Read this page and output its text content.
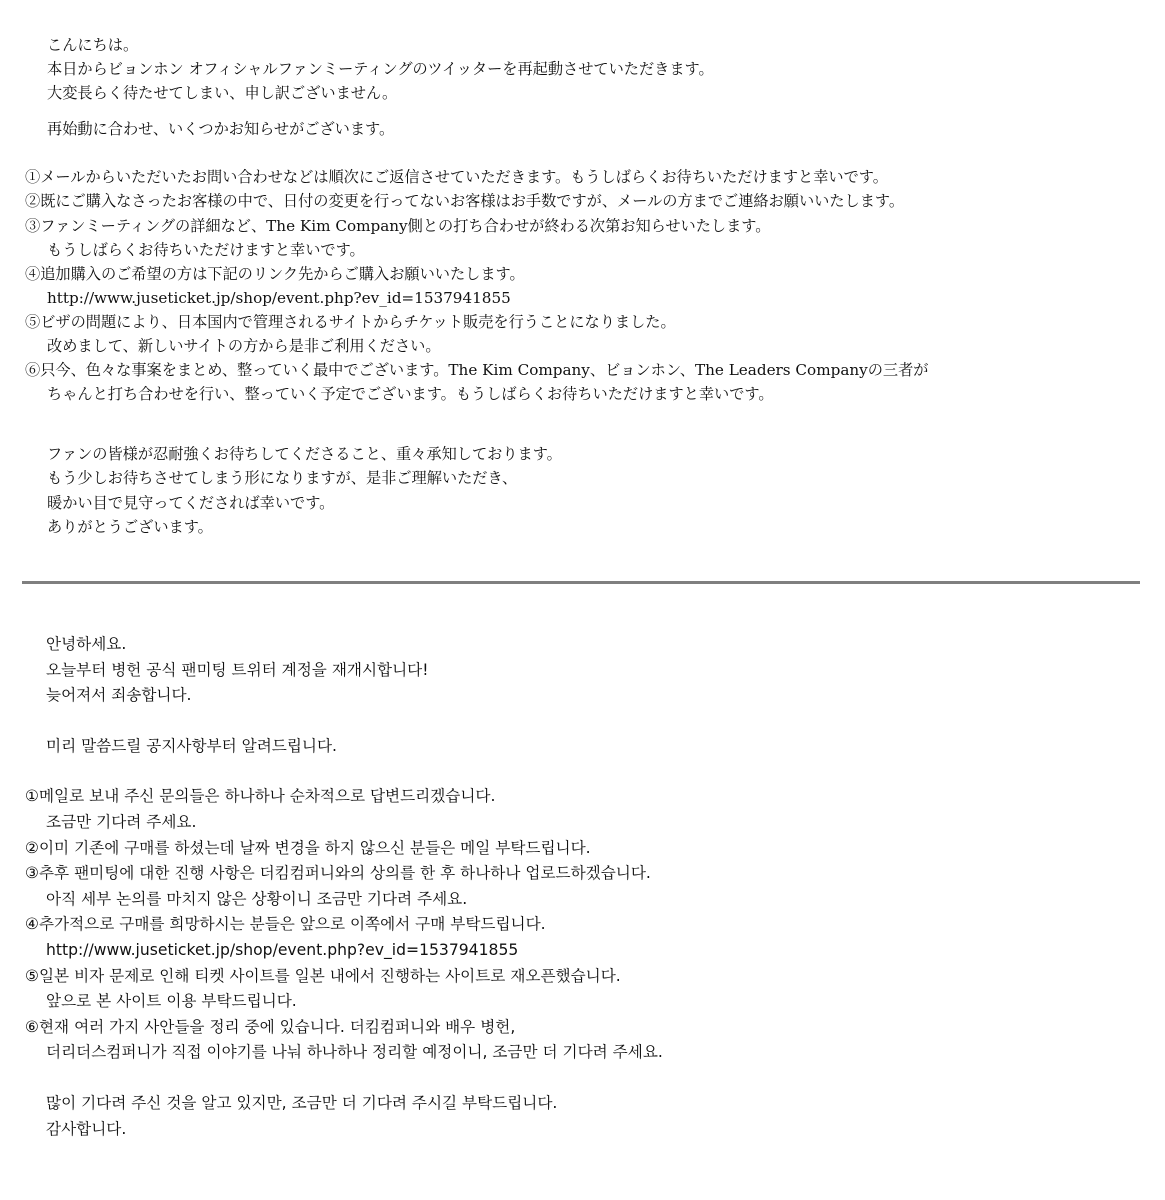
こんにちは。
本日からビョンホン オフィシャルファンミーティングのツイッターを再起動させていただきます。
大変長らく待たせてしまい、申し訳ございません。
再始動に合わせ、いくつかお知らせがございます。
①メールからいただいたお問い合わせなどは順次にご返信させていただきます。もうしばらくお待ちいただけますと幸いです。
②既にご購入なさったお客様の中で、日付の変更を行ってないお客様はお手数ですが、メールの方までご連絡お願いいたします。
③ファンミーティングの詳細など、The Kim Company側との打ち合わせが終わる次第お知らせいたします。
もうしばらくお待ちいただけますと幸いです。
④追加購入のご希望の方は下記のリンク先からご購入お願いいたします。
http://www.juseticket.jp/shop/event.php?ev_id=1537941855
⑤ビザの問題により、日本国内で管理されるサイトからチケット販売を行うことになりました。
改めまして、新しいサイトの方から是非ご利用ください。
⑥只今、色々な事案をまとめ、整っていく最中でございます。The Kim Company、ビョンホン、The Leaders Companyの三者が
ちゃんと打ち合わせを行い、整っていく予定でございます。もうしばらくお待ちいただけますと幸いです。
ファンの皆様が忍耐強くお待ちしてくださること、重々承知しております。
もう少しお待ちさせてしまう形になりますが、是非ご理解いただき、
暖かい目で見守ってくだされば幸いです。
ありがとうございます。
안녕하세요.
오늘부터 병헌 공식 팬미팅 트위터 계정을 재개시합니다!
늦어져서 죄송합니다.
미리 말씀드릴 공지사항부터 알려드립니다.
①메일로 보내 주신 문의들은 하나하나 순차적으로 답변드리겠습니다.
조금만 기다려 주세요.
②이미 기존에 구매를 하셨는데 날짜 변경을 하지 않으신 분들은 메일 부탁드립니다.
③추후 팬미팅에 대한 진행 사항은 더킴컴퍼니와의 상의를 한 후 하나하나 업로드하겠습니다.
아직 세부 논의를 마치지 않은 상황이니 조금만 기다려 주세요.
④추가적으로 구매를 희망하시는 분들은 앞으로 이쪽에서 구매 부탁드립니다.
http://www.juseticket.jp/shop/event.php?ev_id=1537941855
⑤일본 비자 문제로 인해 티켓 사이트를 일본 내에서 진행하는 사이트로 재오픈했습니다.
앞으로 본 사이트 이용 부탁드립니다.
⑥현재 여러 가지 사안들을 정리 중에 있습니다. 더킴컴퍼니와 배우 병헌,
더리더스컴퍼니가 직접 이야기를 나눠 하나하나 정리할 예정이니, 조금만 더 기다려 주세요.
많이 기다려 주신 것을 알고 있지만, 조금만 더 기다려 주시길 부탁드립니다.
감사합니다.
